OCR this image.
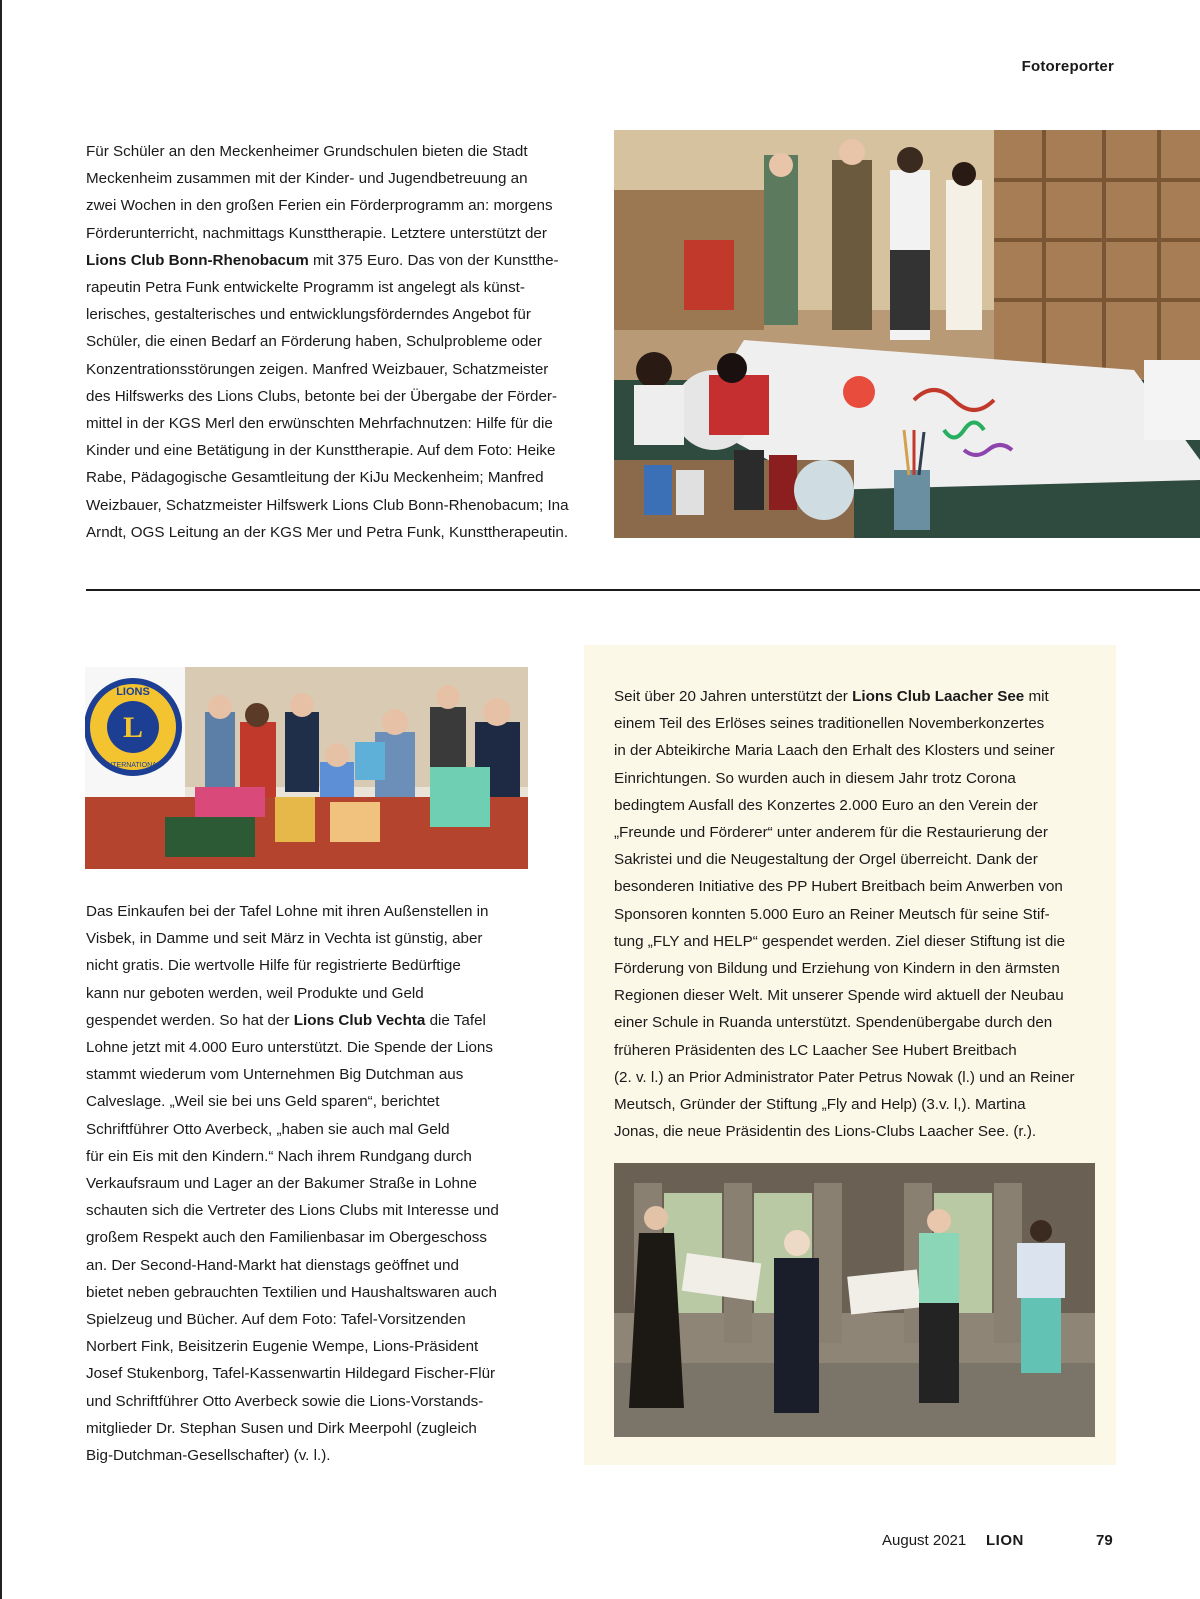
Fotoreporter

Für Schüler an den Meckenheimer Grundschulen bieten die Stadt
Meckenheim zusammen mit der Kinder- und Jugendbetreuung an
zwei Wochen in den großen Ferien ein Förderprogramm an: morgens
Förderunterricht, nachmittags Kunsttherapie. Letztere unterstützt der
Lions Club Bonn-Rhenobacum mit 375 Euro. Das von der Kunstthe-
rapeutin Petra Funk entwickelte Programm ist angelegt als künst-
lerisches, gestalterisches und entwicklungsförderndes Angebot für
Schüler, die einen Bedarf an Förderung haben, Schulprobleme oder
Konzentrationsstörungen zeigen. Manfred Weizbauer, Schatzmeister
des Hilfswerks des Lions Clubs, betonte bei der Übergabe der Förder-
mittel in der KGS Merl den erwünschten Mehrfachnutzen: Hilfe für die
Kinder und eine Betätigung in der Kunsttherapie. Auf dem Foto: Heike
Rabe, Pädagogische Gesamtleitung der KiJu Meckenheim; Manfred
Weizbauer, Schatzmeister Hilfswerk Lions Club Bonn-Rhenobacum; Ina
Arndt, OGS Leitung an der KGS Mer und Petra Funk, Kunsttherapeutin.

L
LIONS
INTERNATIONAL

Das Einkaufen bei der Tafel Lohne mit ihren Außenstellen in
Visbek, in Damme und seit März in Vechta ist günstig, aber
nicht gratis. Die wertvolle Hilfe für registrierte Bedürftige
kann nur geboten werden, weil Produkte und Geld
gespendet werden. So hat der Lions Club Vechta die Tafel
Lohne jetzt mit 4.000 Euro unterstützt. Die Spende der Lions
stammt wiederum vom Unternehmen Big Dutchman aus
Calveslage. „Weil sie bei uns Geld sparen“, berichtet
Schriftführer Otto Averbeck, „haben sie auch mal Geld
für ein Eis mit den Kindern.“ Nach ihrem Rundgang durch
Verkaufsraum und Lager an der Bakumer Straße in Lohne
schauten sich die Vertreter des Lions Clubs mit Interesse und
großem Respekt auch den Familienbasar im Obergeschoss
an. Der Second-Hand-Markt hat dienstags geöffnet und
bietet neben gebrauchten Textilien und Haushaltswaren auch
Spielzeug und Bücher. Auf dem Foto: Tafel-Vorsitzenden
Norbert Fink, Beisitzerin Eugenie Wempe, Lions-Präsident
Josef Stukenborg, Tafel-Kassenwartin Hildegard Fischer-Flür
und Schriftführer Otto Averbeck sowie die Lions-Vorstands-
mitglieder Dr. Stephan Susen und Dirk Meerpohl (zugleich
Big-Dutchman-Gesellschafter) (v. l.).

Seit über 20 Jahren unterstützt der Lions Club Laacher See mit
einem Teil des Erlöses seines traditionellen Novemberkonzertes
in der Abteikirche Maria Laach den Erhalt des Klosters und seiner
Einrichtungen. So wurden auch in diesem Jahr trotz Corona
bedingtem Ausfall des Konzertes 2.000 Euro an den Verein der
„Freunde und Förderer“ unter anderem für die Restaurierung der
Sakristei und die Neugestaltung der Orgel überreicht. Dank der
besonderen Initiative des PP Hubert Breitbach beim Anwerben von
Sponsoren konnten 5.000 Euro an Reiner Meutsch für seine Stif-
tung „FLY and HELP“ gespendet werden. Ziel dieser Stiftung ist die
Förderung von Bildung und Erziehung von Kindern in den ärmsten
Regionen dieser Welt. Mit unserer Spende wird aktuell der Neubau
einer Schule in Ruanda unterstützt. Spendenübergabe durch den
früheren Präsidenten des LC Laacher See Hubert Breitbach
(2. v. l.) an Prior Administrator Pater Petrus Nowak (l.) und an Reiner
Meutsch, Gründer der Stiftung „Fly and Help) (3.v. l,). Martina
Jonas, die neue Präsidentin des Lions-Clubs Laacher See. (r.).

August 2021 LION	79
